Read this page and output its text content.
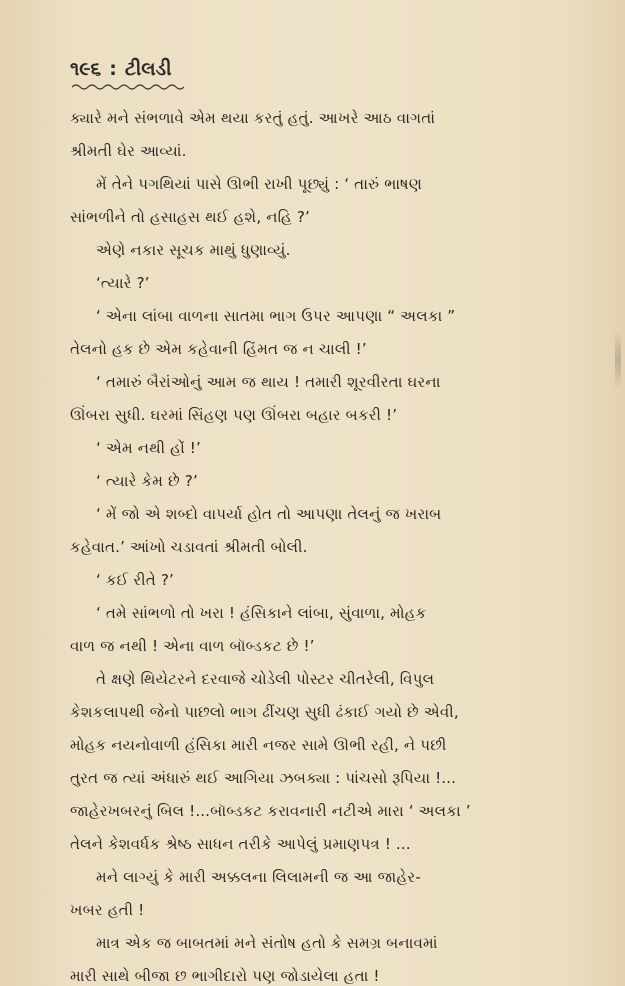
૧૯૬ : ટીલડી
ક્યારે મને સંભળાવે એમ થયા કરતું હતું. આખરે આઠ વાગતાં
શ્રીમતી ઘેર આવ્યાં.
મેં તેને પગથિયાં પાસે ઊભી રાખી પૂછ્યું : ‘ તારું ભાષણ
સાંભળીને તો હસાહસ થઈ હશે, નહિ ?’
એણે નકાર સૂચક માથું ધુણાવ્યું.
‘ત્યારે ?’
‘ એના લાંબા વાળના સાતમા ભાગ ઉપર આપણા “ અલકા ”
તેલનો હક છે એમ કહેવાની હિંમત જ ન ચાલી !’
‘ તમારું બૈરાંઓનું આમ જ થાય ! તમારી શૂરવીરતા ઘરના
ઊંબરા સુધી. ઘરમાં સિંહણ પણ ઊંબરા બહાર બકરી !’
‘ એમ નથી હોં !’
‘ ત્યારે કેમ છે ?’
‘ મેં જો એ શબ્દો વાપર્યા હોત તો આપણા તેલનું જ ખરાબ
કહેવાત.’ આંખો ચડાવતાં શ્રીમતી બોલી.
‘ કઈ રીતે ?’
‘ તમે સાંભળો તો ખરા ! હંસિકાને લાંબા, સુંવાળા, મોહક
વાળ જ નથી ! એના વાળ બૉબ્ડકટ છે !’
તે ક્ષણે થિયેટરને દરવાજે ચોડેલી પોસ્ટર ચીતરેલી, વિપુલ
કેશકલાપથી જેનો પાછલો ભાગ ઢીંચણ સુધી ઢંકાઈ ગયો છે એવી,
મોહક નયનોવાળી હંસિકા મારી નજર સામે ઊભી રહી, ને પછી
તુરત જ ત્યાં અંધારું થઈ આગિયા ઝબક્યા : પાંચસો રૂપિયા !...
જાહેરખબરનું બિલ !...બૉબ્ડકટ કરાવનારી નટીએ મારા ‘ અલકા ’
તેલને કેશવર્ધક શ્રેષ્ઠ સાધન તરીકે આપેલું પ્રમાણપત્ર ! ...
મને લાગ્યું કે મારી અક્કલના લિલામની જ આ જાહેર-
ખબર હતી !
માત્ર એક જ બાબતમાં મને સંતોષ હતો કે સમગ્ર બનાવમાં
મારી સાથે બીજા છ ભાગીદારો પણ જોડાયેલા હતા !
